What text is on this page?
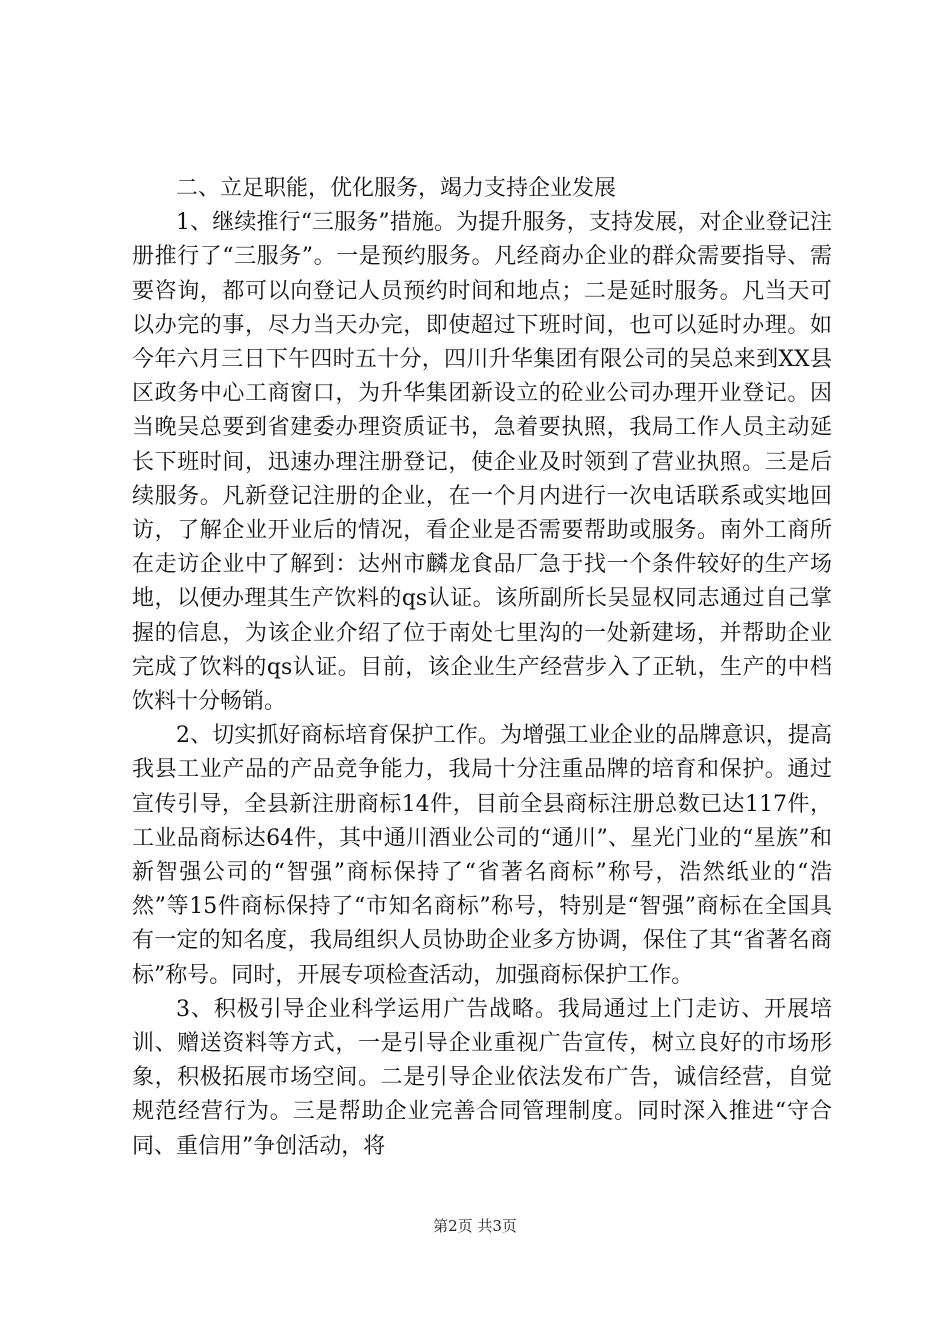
二、立足职能，优化服务，竭力支持企业发展

1、继续推行“三服务”措施。为提升服务，支持发展，对企业登记注册推行了“三服务”。一是预约服务。凡经商办企业的群众需要指导、需要咨询，都可以向登记人员预约时间和地点；二是延时服务。凡当天可以办完的事，尽力当天办完，即使超过下班时间，也可以延时办理。如今年六月三日下午四时五十分，四川升华集团有限公司的吴总来到XX县区政务中心工商窗口，为升华集团新设立的砼业公司办理开业登记。因当晚吴总要到省建委办理资质证书，急着要执照，我局工作人员主动延长下班时间，迅速办理注册登记，使企业及时领到了营业执照。三是后续服务。凡新登记注册的企业，在一个月内进行一次电话联系或实地回访，了解企业开业后的情况，看企业是否需要帮助或服务。南外工商所在走访企业中了解到：达州市麟龙食品厂急于找一个条件较好的生产场地，以便办理其生产饮料的qs认证。该所副所长吴显权同志通过自己掌握的信息，为该企业介绍了位于南处七里沟的一处新建场，并帮助企业完成了饮料的qs认证。目前，该企业生产经营步入了正轨，生产的中档饮料十分畅销。

2、切实抓好商标培育保护工作。为增强工业企业的品牌意识，提高我县工业产品的产品竞争能力，我局十分注重品牌的培育和保护。通过宣传引导，全县新注册商标14件，目前全县商标注册总数已达117件，工业品商标达64件，其中通川酒业公司的“通川”、星光门业的“星族”和新智强公司的“智强”商标保持了“省著名商标”称号，浩然纸业的“浩然”等15件商标保持了“市知名商标”称号，特别是“智强”商标在全国具有一定的知名度，我局组织人员协助企业多方协调，保住了其“省著名商标”称号。同时，开展专项检查活动，加强商标保护工作。

3、积极引导企业科学运用广告战略。我局通过上门走访、开展培训、赠送资料等方式，一是引导企业重视广告宣传，树立良好的市场形象，积极拓展市场空间。二是引导企业依法发布广告，诚信经营，自觉规范经营行为。三是帮助企业完善合同管理制度。同时深入推进“守合同、重信用”争创活动，将

第2页 共3页
